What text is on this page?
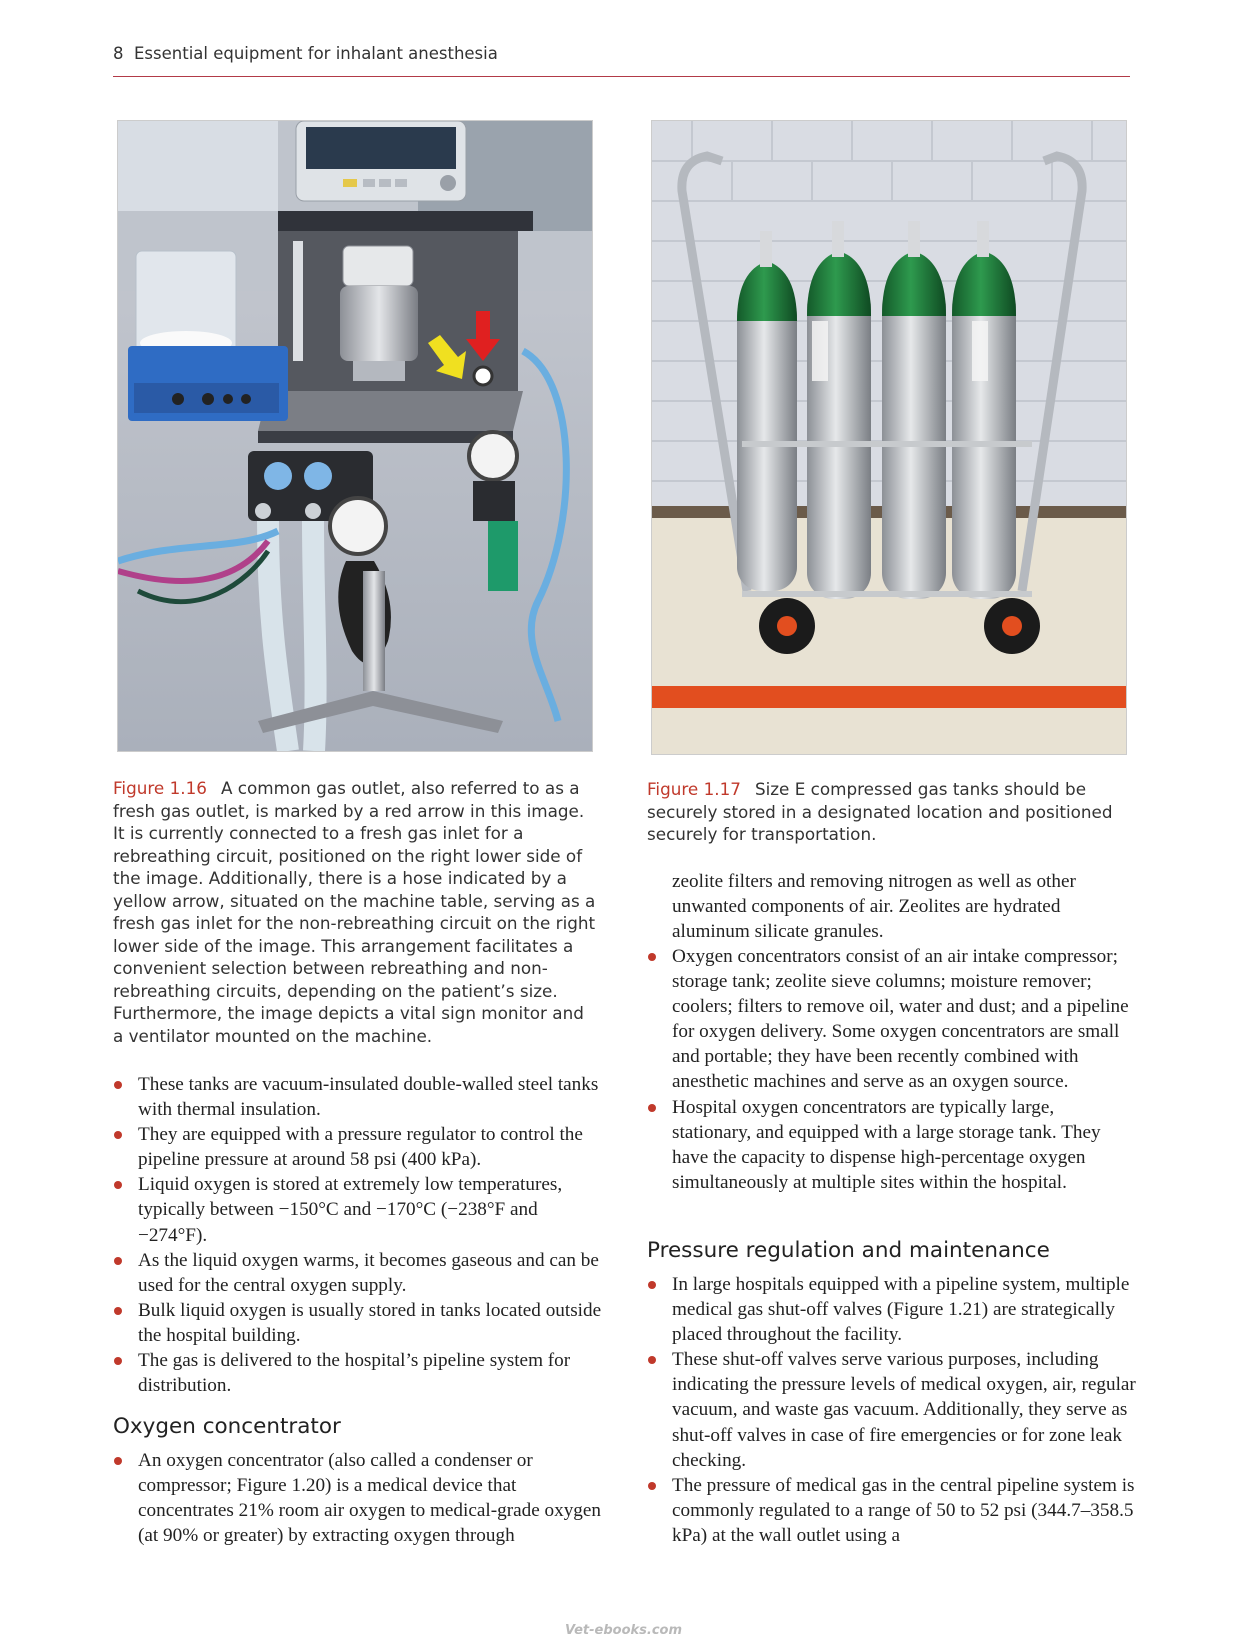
8 Essential equipment for inhalant anesthesia

Figure 1.16 A common gas outlet, also referred to as a fresh gas outlet, is marked by a red arrow in this image. It is currently connected to a fresh gas inlet for a rebreathing circuit, positioned on the right lower side of the image. Additionally, there is a hose indicated by a yellow arrow, situated on the machine table, serving as a fresh gas inlet for the non-rebreathing circuit on the right lower side of the image. This arrangement facilitates a convenient selection between rebreathing and non-rebreathing circuits, depending on the patient’s size. Furthermore, the image depicts a vital sign monitor and a ventilator mounted on the machine.

Figure 1.17 Size E compressed gas tanks should be securely stored in a designated location and positioned securely for transportation.

These tanks are vacuum-insulated double-walled steel tanks with thermal insulation.
They are equipped with a pressure regulator to control the pipeline pressure at around 58 psi (400 kPa).
Liquid oxygen is stored at extremely low temperatures, typically between −150°C and −170°C (−238°F and −274°F).
As the liquid oxygen warms, it becomes gaseous and can be used for the central oxygen supply.
Bulk liquid oxygen is usually stored in tanks located outside the hospital building.
The gas is delivered to the hospital’s pipeline system for distribution.
Oxygen concentrator
An oxygen concentrator (also called a condenser or compressor; Figure 1.20) is a medical device that concentrates 21% room air oxygen to medical-grade oxygen (at 90% or greater) by extracting oxygen through

zeolite filters and removing nitrogen as well as other unwanted components of air. Zeolites are hydrated aluminum silicate granules.

Oxygen concentrators consist of an air intake compressor; storage tank; zeolite sieve columns; moisture remover; coolers; filters to remove oil, water and dust; and a pipeline for oxygen delivery. Some oxygen concentrators are small and portable; they have been recently combined with anesthetic machines and serve as an oxygen source.
Hospital oxygen concentrators are typically large, stationary, and equipped with a large storage tank. They have the capacity to dispense high-percentage oxygen simultaneously at multiple sites within the hospital.
Pressure regulation and maintenance
In large hospitals equipped with a pipeline system, multiple medical gas shut-off valves (Figure 1.21) are strategically placed throughout the facility.
These shut-off valves serve various purposes, including indicating the pressure levels of medical oxygen, air, regular vacuum, and waste gas vacuum. Additionally, they serve as shut-off valves in case of fire emergencies or for zone leak checking.
The pressure of medical gas in the central pipeline system is commonly regulated to a range of 50 to 52 psi (344.7–358.5 kPa) at the wall outlet using a
Vet-ebooks.com
